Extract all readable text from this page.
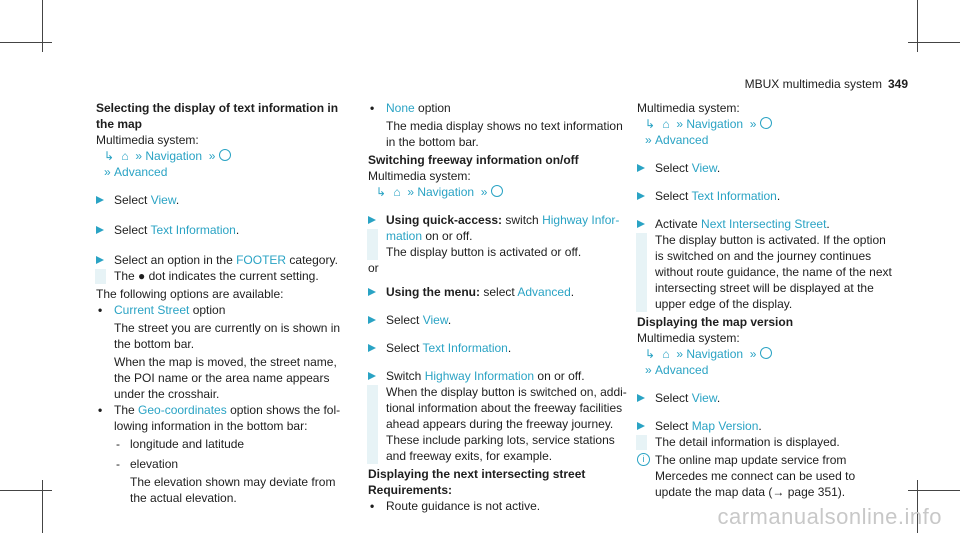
MBUX multimedia system 349

Selecting the display of text information in

the map

Multimedia system:

↳ ⌂  » Navigation  »

» Advanced

Select View.

Select Text Information.

Select an option in the FOOTER category.

The ● dot indicates the current setting.

The following options are available:

• Current Street option

The street you are currently on is shown in

the bottom bar.

When the map is moved, the street name,

the POI name or the area name appears

under the crosshair.

• The Geo-coordinates option shows the fol-

lowing information in the bottom bar:

- longitude and latitude

- elevation

The elevation shown may deviate from

the actual elevation.

• None option

The media display shows no text information

in the bottom bar.

Switching freeway information on/off

Multimedia system:

↳ ⌂  » Navigation  »

Using quick-access: switch Highway Infor-

mation on or off.

The display button is activated or off.

or

Using the menu: select Advanced.

Select View.

Select Text Information.

Switch Highway Information on or off.

When the display button is switched on, addi-

tional information about the freeway facilities

ahead appears during the freeway journey.

These include parking lots, service stations

and freeway exits, for example.

Displaying the next intersecting street

Requirements:

• Route guidance is not active.

Multimedia system:

↳ ⌂  » Navigation  »

» Advanced

Select View.

Select Text Information.

Activate Next Intersecting Street.

The display button is activated. If the option

is switched on and the journey continues

without route guidance, the name of the next

intersecting street will be displayed at the

upper edge of the display.

Displaying the map version

Multimedia system:

↳ ⌂  » Navigation  »

» Advanced

Select View.

Select Map Version.

The detail information is displayed.

i The online map update service from

Mercedes me connect can be used to

update the map data (→ page 351).

carmanualsonline.info
